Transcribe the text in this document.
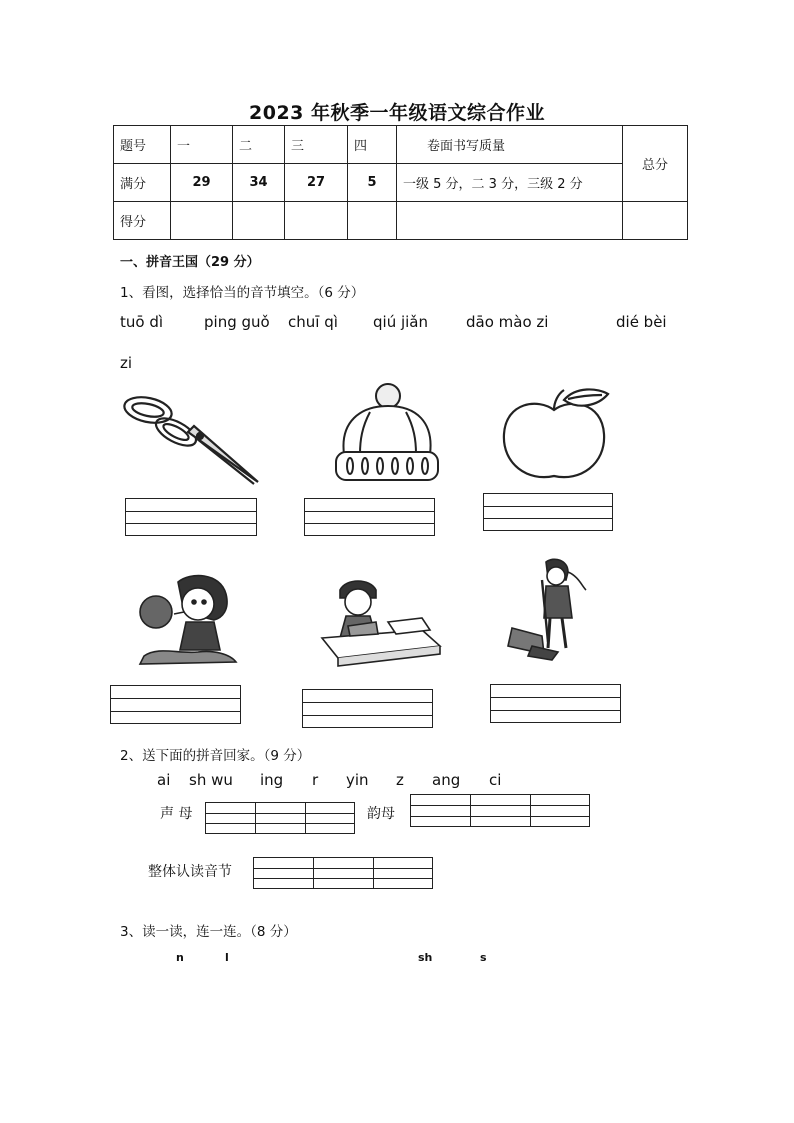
2023 年秋季一年级语文综合作业
题号	一	二	三	四	卷面书写质量	总分
满分	29	34	27	5	一级 5 分，二 3 分，三级 2 分	
得分						
一、拼音王国（29 分）
1、看图，选择恰当的音节填空。（6 分）
tuō dì	ping guǒ chuī qì qiú jiǎn	dāo mào zi	dié bèi
zi
2、送下面的拼音回家。（9 分）
ai sh wu ing r yin z ang ci
声 母	韵母
整体认读音节
3、读一读，连一连。（8 分）
n	l	sh	s
